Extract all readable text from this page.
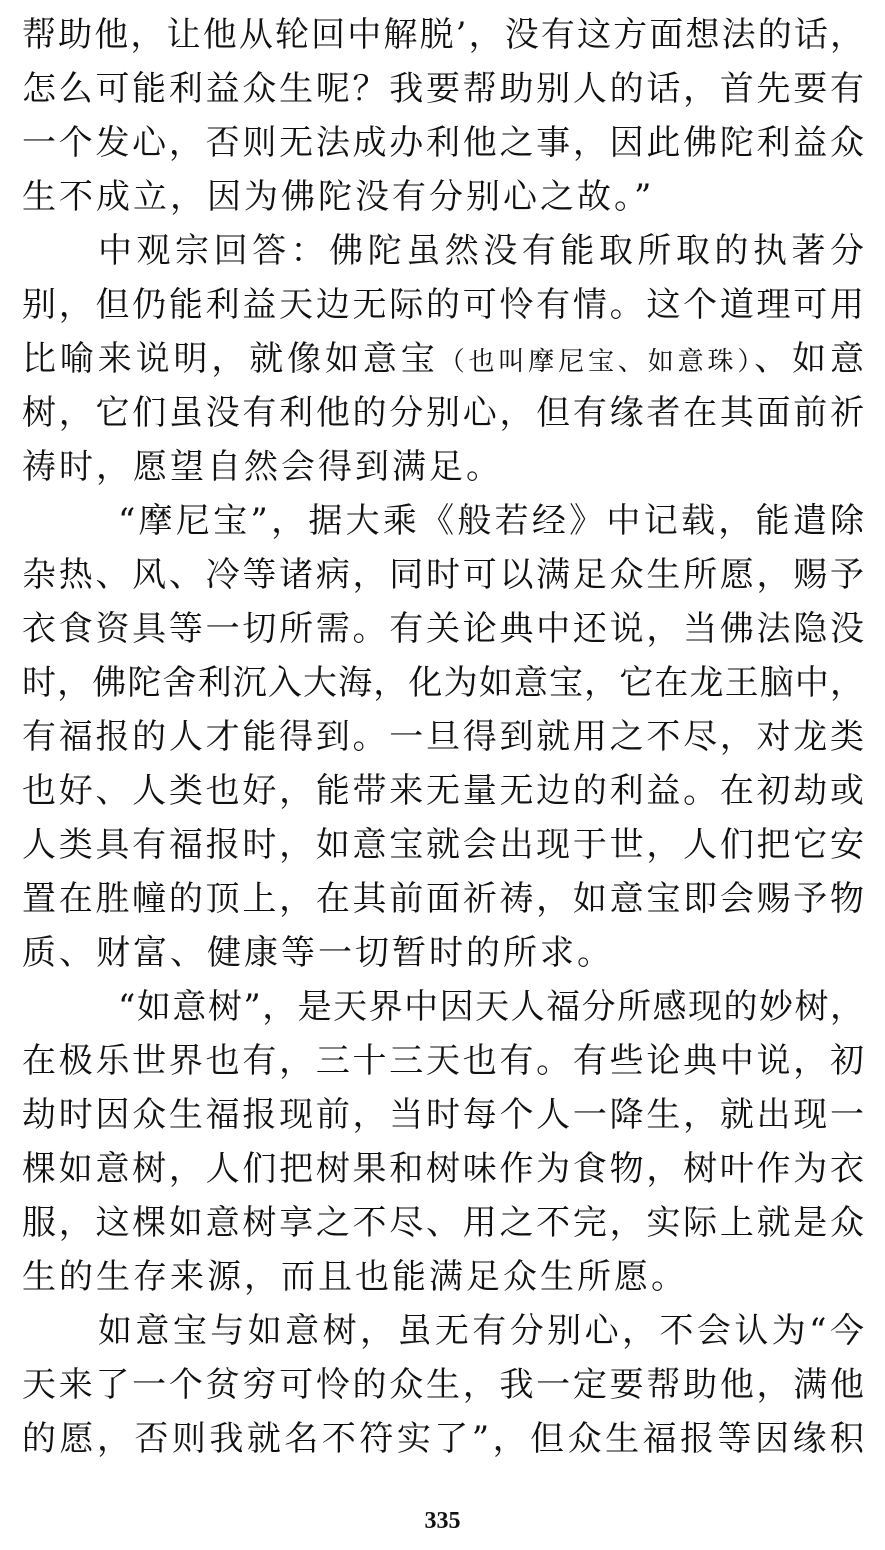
帮助他，让他从轮回中解脱’，没有这方面想法的话，
怎么可能利益众生呢？我要帮助别人的话，首先要有
一个发心，否则无法成办利他之事，因此佛陀利益众
生不成立，因为佛陀没有分别心之故。”
中观宗回答：佛陀虽然没有能取所取的执著分
别，但仍能利益天边无际的可怜有情。这个道理可用
比喻来说明，就像如意宝（也叫摩尼宝、如意珠）、如意
树，它们虽没有利他的分别心，但有缘者在其面前祈
祷时，愿望自然会得到满足。
“摩尼宝”，据大乘《般若经》中记载，能遣除
杂热、风、冷等诸病，同时可以满足众生所愿，赐予
衣食资具等一切所需。有关论典中还说，当佛法隐没
时，佛陀舍利沉入大海，化为如意宝，它在龙王脑中，
有福报的人才能得到。一旦得到就用之不尽，对龙类
也好、人类也好，能带来无量无边的利益。在初劫或
人类具有福报时，如意宝就会出现于世，人们把它安
置在胜幢的顶上，在其前面祈祷，如意宝即会赐予物
质、财富、健康等一切暂时的所求。
“如意树”，是天界中因天人福分所感现的妙树，
在极乐世界也有，三十三天也有。有些论典中说，初
劫时因众生福报现前，当时每个人一降生，就出现一
棵如意树，人们把树果和树味作为食物，树叶作为衣
服，这棵如意树享之不尽、用之不完，实际上就是众
生的生存来源，而且也能满足众生所愿。
如意宝与如意树，虽无有分别心，不会认为“今
天来了一个贫穷可怜的众生，我一定要帮助他，满他
的愿，否则我就名不符实了”，但众生福报等因缘积
335
